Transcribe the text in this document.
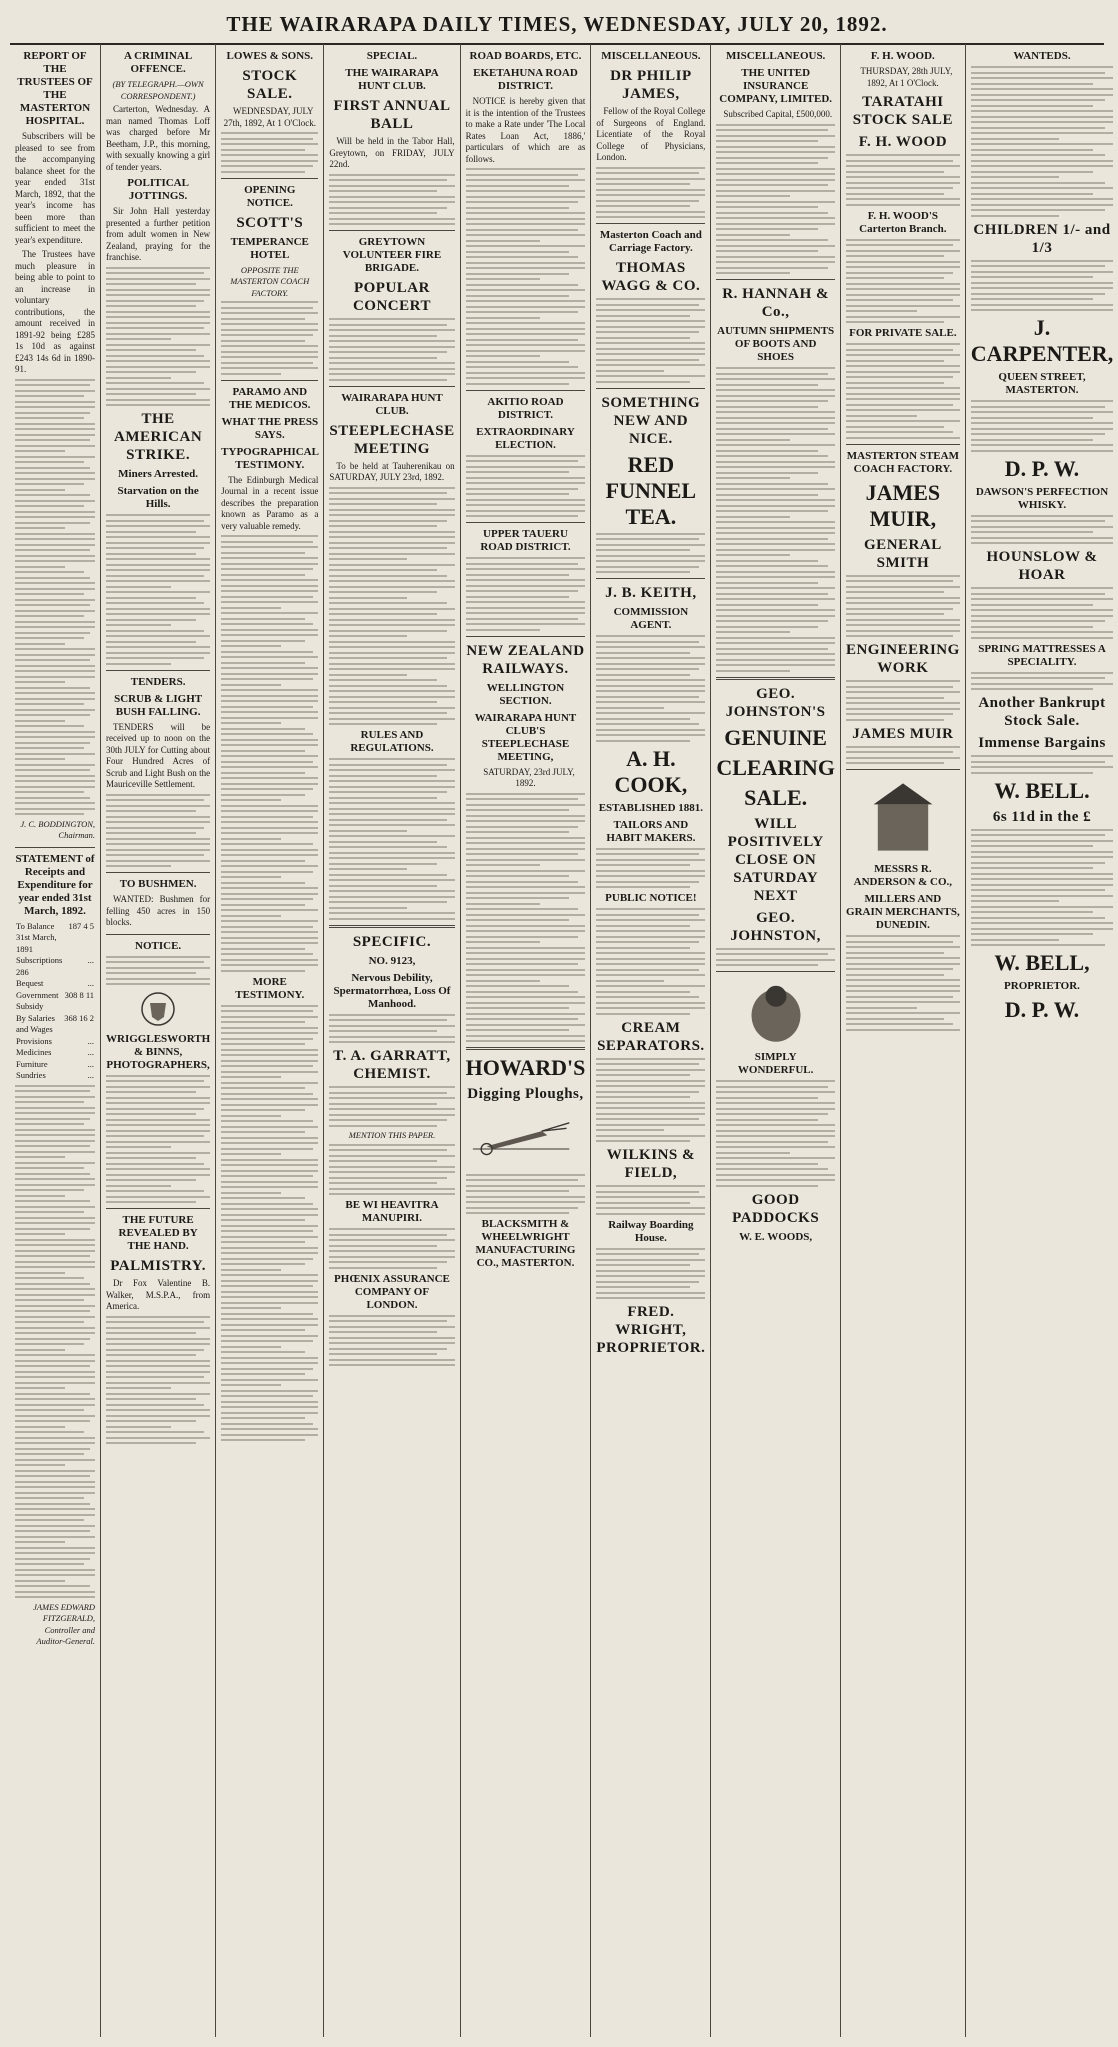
THE WAIRARAPA DAILY TIMES, WEDNESDAY, JULY 20, 1892.
REPORT OF THE TRUSTEES OF THE MASTERTON HOSPITAL.
Subscribers will be pleased to see from the accompanying balance sheet for the year ended 31st March, 1892, that the year's income has been more than sufficient to meet the year's expenditure.
The Trustees have much pleasure in being able to point to an increase in voluntary contributions, the amount received in 1891-92 being £285 1s 10d as against £243 14s 6d in 1890-91.
J. C. BODDINGTON, Chairman.
STATEMENT of Receipts and Expenditure for year ended 31st March, 1892.
To Balance 31st March, 1891	187 4 5
Subscriptions 286	...
Bequest	...
Government Subsidy	308 8 11
By Salaries and Wages	368 16 2
Provisions	...
Medicines	...
Furniture	...
Sundries	...
JAMES EDWARD FITZGERALD, Controller and Auditor-General.
A CRIMINAL OFFENCE.
(BY TELEGRAPH.—OWN CORRESPONDENT.)
Carterton, Wednesday. A man named Thomas Loff was charged before Mr Beetham, J.P., this morning, with sexually knowing a girl of tender years.
POLITICAL JOTTINGS.
Sir John Hall yesterday presented a further petition from adult women in New Zealand, praying for the franchise.
THE AMERICAN STRIKE.
Miners Arrested.
Starvation on the Hills.
TENDERS.
SCRUB & LIGHT BUSH FALLING.
TENDERS will be received up to noon on the 30th JULY for Cutting about Four Hundred Acres of Scrub and Light Bush on the Mauriceville Settlement.
TO BUSHMEN.
WANTED: Bushmen for felling 450 acres in 150 blocks.
NOTICE.
WRIGGLESWORTH & BINNS, PHOTOGRAPHERS,
THE FUTURE REVEALED BY THE HAND.
PALMISTRY.
Dr Fox Valentine B. Walker, M.S.P.A., from America.
LOWES & SONS.
STOCK SALE.
WEDNESDAY, JULY 27th, 1892, At 1 O'Clock.
OPENING NOTICE.
SCOTT'S
TEMPERANCE HOTEL
OPPOSITE THE MASTERTON COACH FACTORY.
PARAMO AND THE MEDICOS.
WHAT THE PRESS SAYS.
TYPOGRAPHICAL TESTIMONY.
The Edinburgh Medical Journal in a recent issue describes the preparation known as Paramo as a very valuable remedy.
MORE TESTIMONY.
SPECIAL.
THE WAIRARAPA HUNT CLUB.
FIRST ANNUAL BALL
Will be held in the Tabor Hall, Greytown, on FRIDAY, JULY 22nd.
GREYTOWN VOLUNTEER FIRE BRIGADE.
POPULAR CONCERT
WAIRARAPA HUNT CLUB.
STEEPLECHASE MEETING
To be held at Tauherenikau on SATURDAY, JULY 23rd, 1892.
RULES AND REGULATIONS.
SPECIFIC.
NO. 9123,
Nervous Debility, Spermatorrhœa, Loss Of Manhood.
T. A. GARRATT, CHEMIST.
MENTION THIS PAPER.
BE WI HEAVITRA MANUPIRI.
PHŒNIX ASSURANCE COMPANY OF LONDON.
ROAD BOARDS, ETC.
EKETAHUNA ROAD DISTRICT.
NOTICE is hereby given that it is the intention of the Trustees to make a Rate under 'The Local Rates Loan Act, 1886,' particulars of which are as follows.
AKITIO ROAD DISTRICT.
EXTRAORDINARY ELECTION.
UPPER TAUERU ROAD DISTRICT.
NEW ZEALAND RAILWAYS.
WELLINGTON SECTION.
WAIRARAPA HUNT CLUB'S STEEPLECHASE MEETING,
SATURDAY, 23rd JULY, 1892.
HOWARD'S
Digging Ploughs,
BLACKSMITH & WHEELWRIGHT MANUFACTURING CO., MASTERTON.
MISCELLANEOUS.
DR PHILIP JAMES,
Fellow of the Royal College of Surgeons of England. Licentiate of the Royal College of Physicians, London.
Masterton Coach and Carriage Factory.
THOMAS WAGG & CO.
SOMETHING NEW AND NICE.
RED FUNNEL TEA.
J. B. KEITH,
COMMISSION AGENT.
A. H. COOK,
ESTABLISHED 1881.
TAILORS AND HABIT MAKERS.
PUBLIC NOTICE!
CREAM SEPARATORS.
WILKINS & FIELD,
Railway Boarding House.
FRED. WRIGHT, PROPRIETOR.
MISCELLANEOUS.
THE UNITED INSURANCE COMPANY, LIMITED.
Subscribed Capital, £500,000.
R. HANNAH & Co.,
AUTUMN SHIPMENTS OF BOOTS AND SHOES
GEO. JOHNSTON'S
GENUINE
CLEARING
SALE.
WILL POSITIVELY CLOSE ON SATURDAY NEXT
GEO. JOHNSTON,
SIMPLY WONDERFUL.
GOOD PADDOCKS
W. E. WOODS,
F. H. WOOD.
THURSDAY, 28th JULY, 1892, At 1 O'Clock.
TARATAHI STOCK SALE
F. H. WOOD
F. H. WOOD'S Carterton Branch.
FOR PRIVATE SALE.
MASTERTON STEAM COACH FACTORY.
JAMES MUIR,
GENERAL SMITH
ENGINEERING WORK
JAMES MUIR
MESSRS R. ANDERSON & CO.,
MILLERS AND GRAIN MERCHANTS, DUNEDIN.
WANTEDS.
CHILDREN 1/- and 1/3
J. CARPENTER,
QUEEN STREET, MASTERTON.
D. P. W.
DAWSON'S PERFECTION WHISKY.
HOUNSLOW & HOAR
SPRING MATTRESSES A SPECIALITY.
Another Bankrupt Stock Sale.
Immense Bargains
W. BELL.
6s 11d in the £
W. BELL,
PROPRIETOR.
D. P. W.
